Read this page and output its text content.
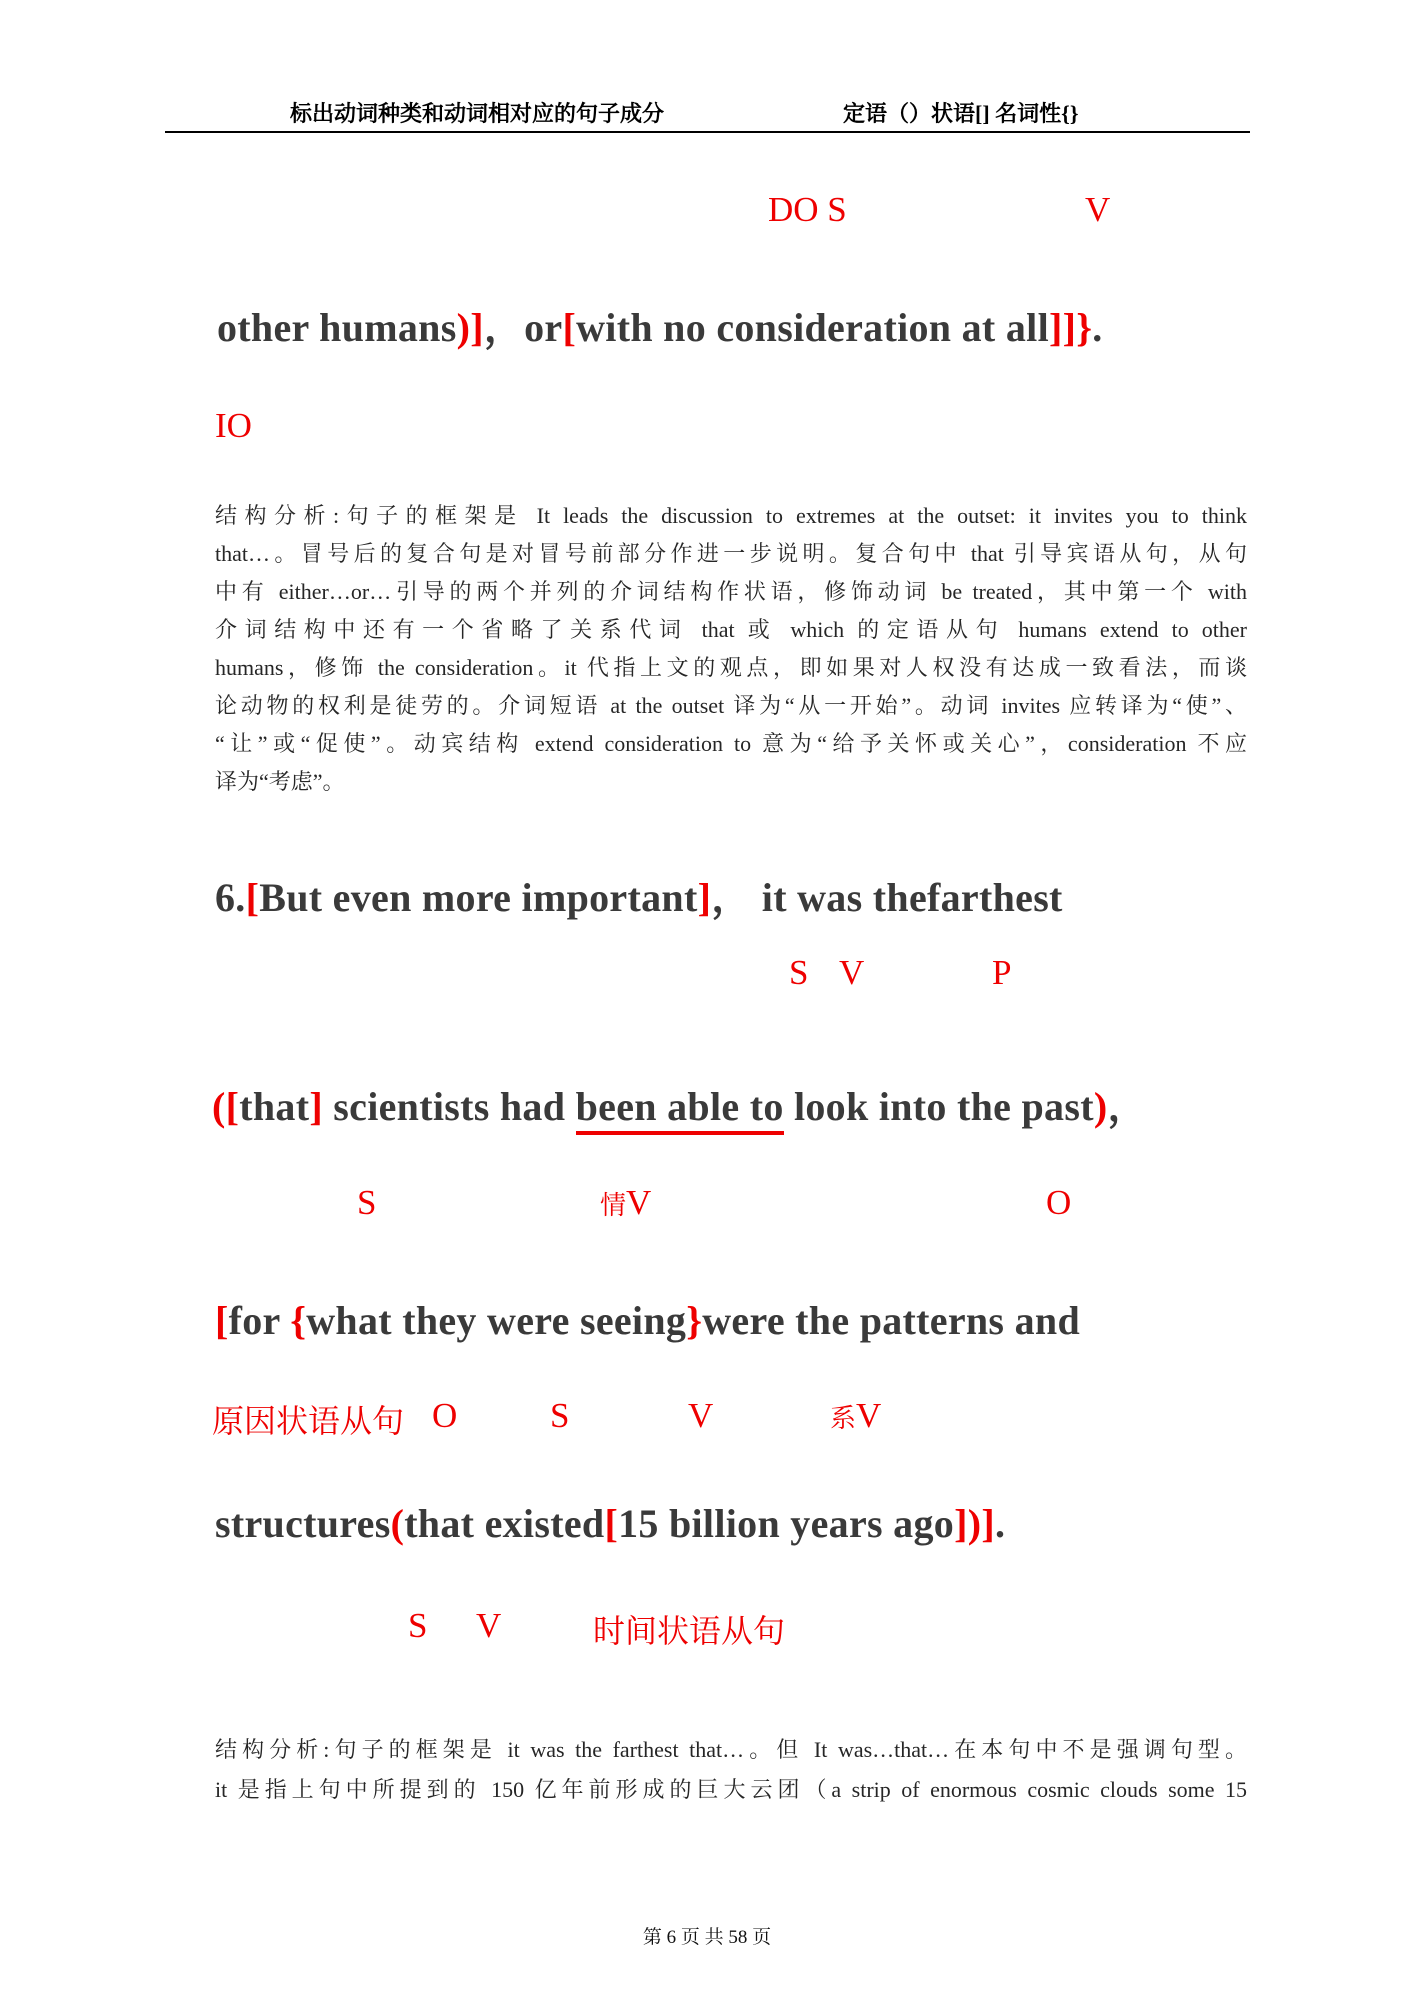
标出动词种类和动词相对应的句子成分	定语（）状语[] 名词性{}
DO S	V
other humans)]，or[with no consideration at all]]}.
IO
结构分析:句子的框架是 It leads the discussion to extremes at the outset: it invites you to think
that…。冒号后的复合句是对冒号前部分作进一步说明。复合句中 that 引导宾语从句，从句
中有 either…or…引导的两个并列的介词结构作状语，修饰动词 be treated，其中第一个 with
介词结构中还有一个省略了关系代词 that 或 which 的定语从句 humans extend to other
humans，修饰 the consideration。it 代指上文的观点，即如果对人权没有达成一致看法，而谈
论动物的权利是徒劳的。介词短语 at the outset 译为“从一开始”。动词 invites 应转译为“使”、
“让”或“促使”。动宾结构 extend consideration to 意为“给予关怀或关心”，consideration 不应
译为“考虑”。
6.[But even more important]， it was thefarthest
S V	P
([that] scientists had been able to look into the past)，
S	情V	O
[for {what they were seeing}were the patterns and
原因状语从句 O	S	V	系V
structures(that existed[15 billion years ago])].
S V	时间状语从句
结构分析:句子的框架是 it was the farthest that…。但 It was…that…在本句中不是强调句型。
it 是指上句中所提到的 150 亿年前形成的巨大云团（a strip of enormous cosmic clouds some 15
第 6 页 共 58 页
